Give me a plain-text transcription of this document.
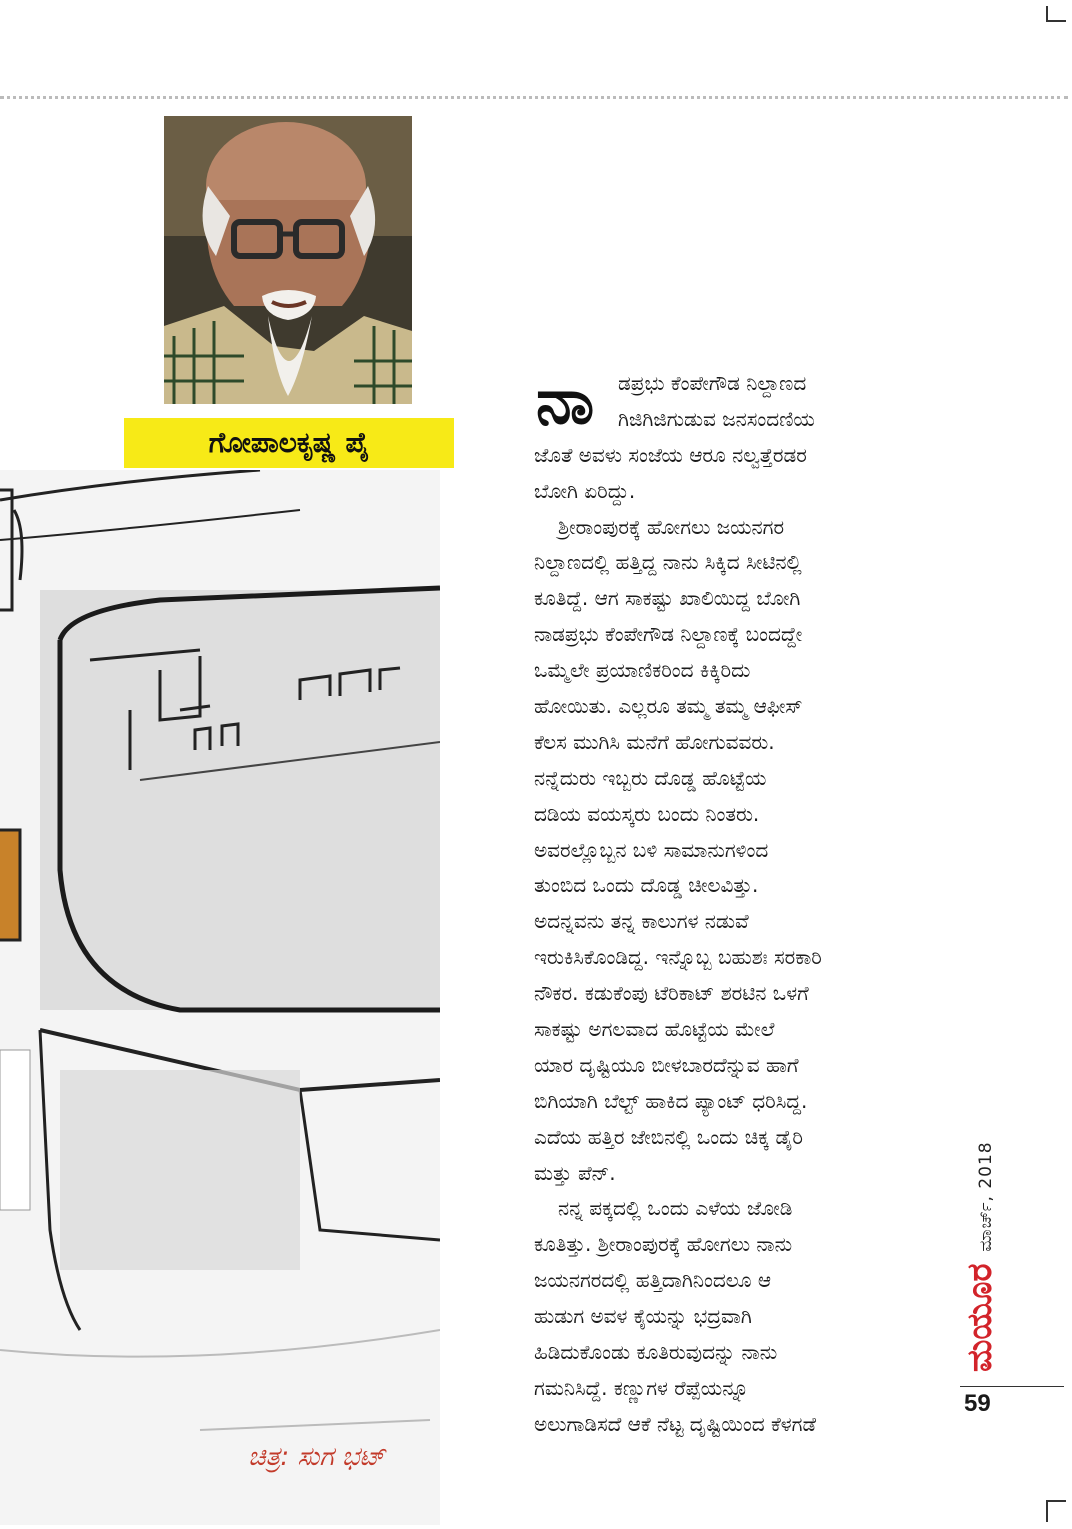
ಗೋಪಾಲಕೃಷ್ಣ ಪೈ
ಚಿತ್ರ: ಸುಗ ಭಟ್
ನಾ	ಡಪ್ರಭು ಕೆಂಪೇಗೌಡ ನಿಲ್ದಾಣದ
ಗಿಜಿಗಿಜಿಗುಡುವ ಜನಸಂದಣಿಯ
ಜೊತೆ ಅವಳು ಸಂಜೆಯ ಆರೂ ನಲ್ವತ್ತೆರಡರ
ಬೋಗಿ ಏರಿದ್ದು.
ಶ್ರೀರಾಂಪುರಕ್ಕೆ ಹೋಗಲು ಜಯನಗರ
ನಿಲ್ದಾಣದಲ್ಲಿ ಹತ್ತಿದ್ದ ನಾನು ಸಿಕ್ಕಿದ ಸೀಟಿನಲ್ಲಿ
ಕೂತಿದ್ದೆ. ಆಗ ಸಾಕಷ್ಟು ಖಾಲಿಯಿದ್ದ ಬೋಗಿ
ನಾಡಪ್ರಭು ಕೆಂಪೇಗೌಡ ನಿಲ್ದಾಣಕ್ಕೆ ಬಂದದ್ದೇ
ಒಮ್ಮೆಲೇ ಪ್ರಯಾಣಿಕರಿಂದ ಕಿಕ್ಕಿರಿದು
ಹೋಯಿತು. ಎಲ್ಲರೂ ತಮ್ಮ ತಮ್ಮ ಆಫೀಸ್
ಕೆಲಸ ಮುಗಿಸಿ ಮನೆಗೆ ಹೋಗುವವರು.
ನನ್ನೆದುರು ಇಬ್ಬರು ದೊಡ್ಡ ಹೊಟ್ಟೆಯ
ದಡಿಯ ವಯಸ್ಕರು ಬಂದು ನಿಂತರು.
ಅವರಲ್ಲೊಬ್ಬನ ಬಳಿ ಸಾಮಾನುಗಳಿಂದ
ತುಂಬಿದ ಒಂದು ದೊಡ್ಡ ಚೀಲವಿತ್ತು.
ಅದನ್ನವನು ತನ್ನ ಕಾಲುಗಳ ನಡುವೆ
ಇರುಕಿಸಿಕೊಂಡಿದ್ದ. ಇನ್ನೊಬ್ಬ ಬಹುಶಃ ಸರಕಾರಿ
ನೌಕರ. ಕಡುಕೆಂಪು ಟೆರಿಕಾಟ್ ಶರಟಿನ ಒಳಗೆ
ಸಾಕಷ್ಟು ಅಗಲವಾದ ಹೊಟ್ಟೆಯ ಮೇಲೆ
ಯಾರ ದೃಷ್ಟಿಯೂ ಬೀಳಬಾರದೆನ್ನುವ ಹಾಗೆ
ಬಿಗಿಯಾಗಿ ಬೆಲ್ಟ್ ಹಾಕಿದ ಪ್ಯಾಂಟ್ ಧರಿಸಿದ್ದ.
ಎದೆಯ ಹತ್ತಿರ ಜೇಬಿನಲ್ಲಿ ಒಂದು ಚಿಕ್ಕ ಡೈರಿ
ಮತ್ತು ಪೆನ್.
ನನ್ನ ಪಕ್ಕದಲ್ಲಿ ಒಂದು ಎಳೆಯ ಜೋಡಿ
ಕೂತಿತ್ತು. ಶ್ರೀರಾಂಪುರಕ್ಕೆ ಹೋಗಲು ನಾನು
ಜಯನಗರದಲ್ಲಿ ಹತ್ತಿದಾಗಿನಿಂದಲೂ ಆ
ಹುಡುಗ ಅವಳ ಕೈಯನ್ನು ಭದ್ರವಾಗಿ
ಹಿಡಿದುಕೊಂಡು ಕೂತಿರುವುದನ್ನು ನಾನು
ಗಮನಿಸಿದ್ದೆ. ಕಣ್ಣುಗಳ ರೆಪ್ಪೆಯನ್ನೂ
ಅಲುಗಾಡಿಸದೆ ಆಕೆ ನೆಟ್ಟ ದೃಷ್ಟಿಯಿಂದ ಕೆಳಗಡೆ
ಮಯೂರ
ಮಾರ್ಚ್, 2018
59
